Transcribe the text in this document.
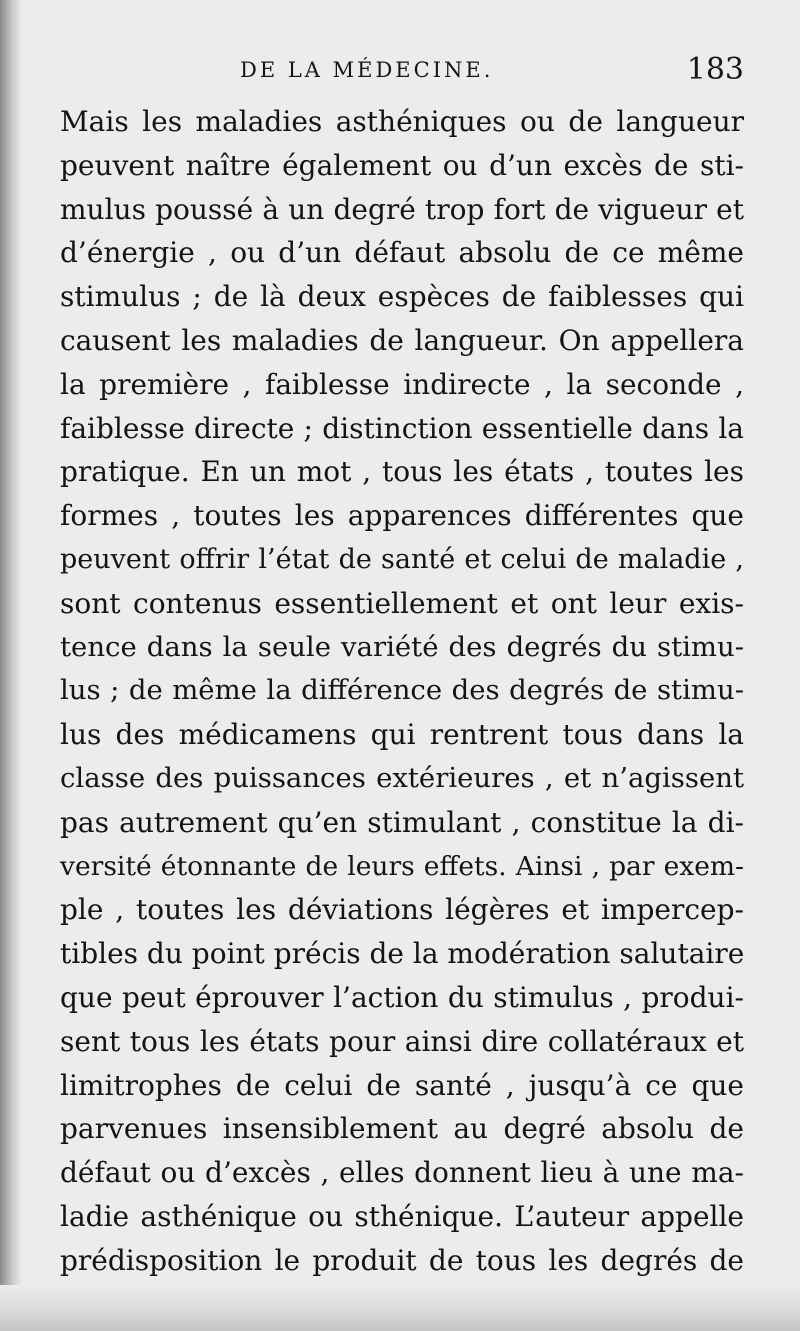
DE LA MÉDECINE.	183
Mais les maladies asthéniques ou de langueur
peuvent naître également ou d’un excès de sti-
mulus poussé à un degré trop fort de vigueur et
d’énergie , ou d’un défaut absolu de ce même
stimulus ; de là deux espèces de faiblesses qui
causent les maladies de langueur. On appellera
la première , faiblesse indirecte , la seconde ,
faiblesse directe ; distinction essentielle dans la
pratique. En un mot , tous les états , toutes les
formes , toutes les apparences différentes que
peuvent offrir l’état de santé et celui de maladie ,
sont contenus essentiellement et ont leur exis-
tence dans la seule variété des degrés du stimu-
lus ; de même la différence des degrés de stimu-
lus des médicamens qui rentrent tous dans la
classe des puissances extérieures , et n’agissent
pas autrement qu’en stimulant , constitue la di-
versité étonnante de leurs effets. Ainsi , par exem-
ple , toutes les déviations légères et impercep-
tibles du point précis de la modération salutaire
que peut éprouver l’action du stimulus , produi-
sent tous les états pour ainsi dire collatéraux et
limitrophes de celui de santé , jusqu’à ce que
parvenues insensiblement au degré absolu de
défaut ou d’excès , elles donnent lieu à une ma-
ladie asthénique ou sthénique. L’auteur appelle
prédisposition le produit de tous les degrés de
